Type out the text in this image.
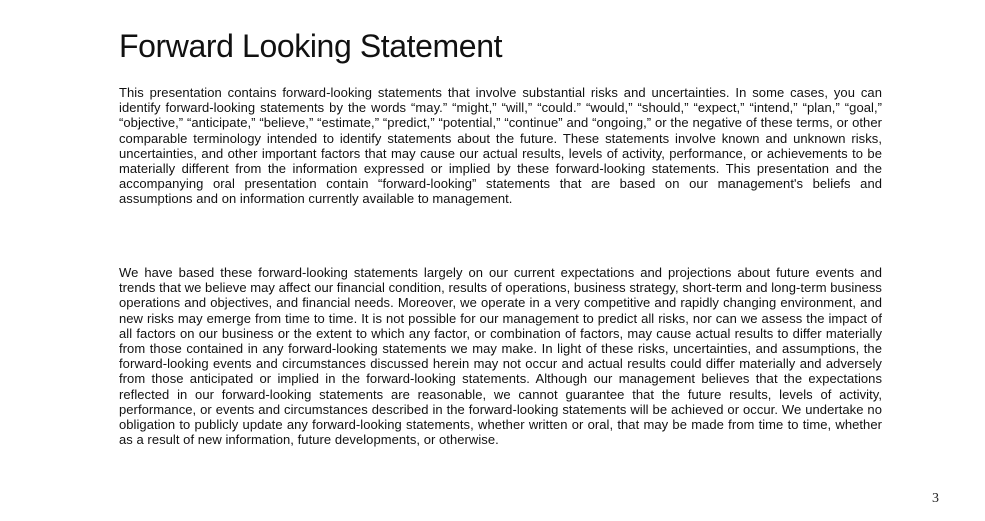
Forward Looking Statement

This presentation contains forward-looking statements that involve substantial risks and uncertainties. In some cases, you can identify forward-looking statements by the words “may.” “might,” “will,” “could.” “would,” “should,” “expect,” “intend,” “plan,” “goal,” “objective,” “anticipate,” “believe,” “estimate,” “predict,” “potential,” “continue” and “ongoing,” or the negative of these terms, or other comparable terminology intended to identify statements about the future. These statements involve known and unknown risks, uncertainties, and other important factors that may cause our actual results, levels of activity, performance, or achievements to be materially different from the information expressed or implied by these forward-looking statements. This presentation and the accompanying oral presentation contain “forward-looking” statements that are based on our management's beliefs and assumptions and on information currently available to management.

We have based these forward-looking statements largely on our current expectations and projections about future events and trends that we believe may affect our financial condition, results of operations, business strategy, short-term and long-term business operations and objectives, and financial needs. Moreover, we operate in a very competitive and rapidly changing environment, and new risks may emerge from time to time. It is not possible for our management to predict all risks, nor can we assess the impact of all factors on our business or the extent to which any factor, or combination of factors, may cause actual results to differ materially from those contained in any forward-looking statements we may make. In light of these risks, uncertainties, and assumptions, the forward-looking events and circumstances discussed herein may not occur and actual results could differ materially and adversely from those anticipated or implied in the forward-looking statements. Although our management believes that the expectations reflected in our forward-looking statements are reasonable, we cannot guarantee that the future results, levels of activity, performance, or events and circumstances described in the forward-looking statements will be achieved or occur. We undertake no obligation to publicly update any forward-looking statements, whether written or oral, that may be made from time to time, whether as a result of new information, future developments, or otherwise.

3
